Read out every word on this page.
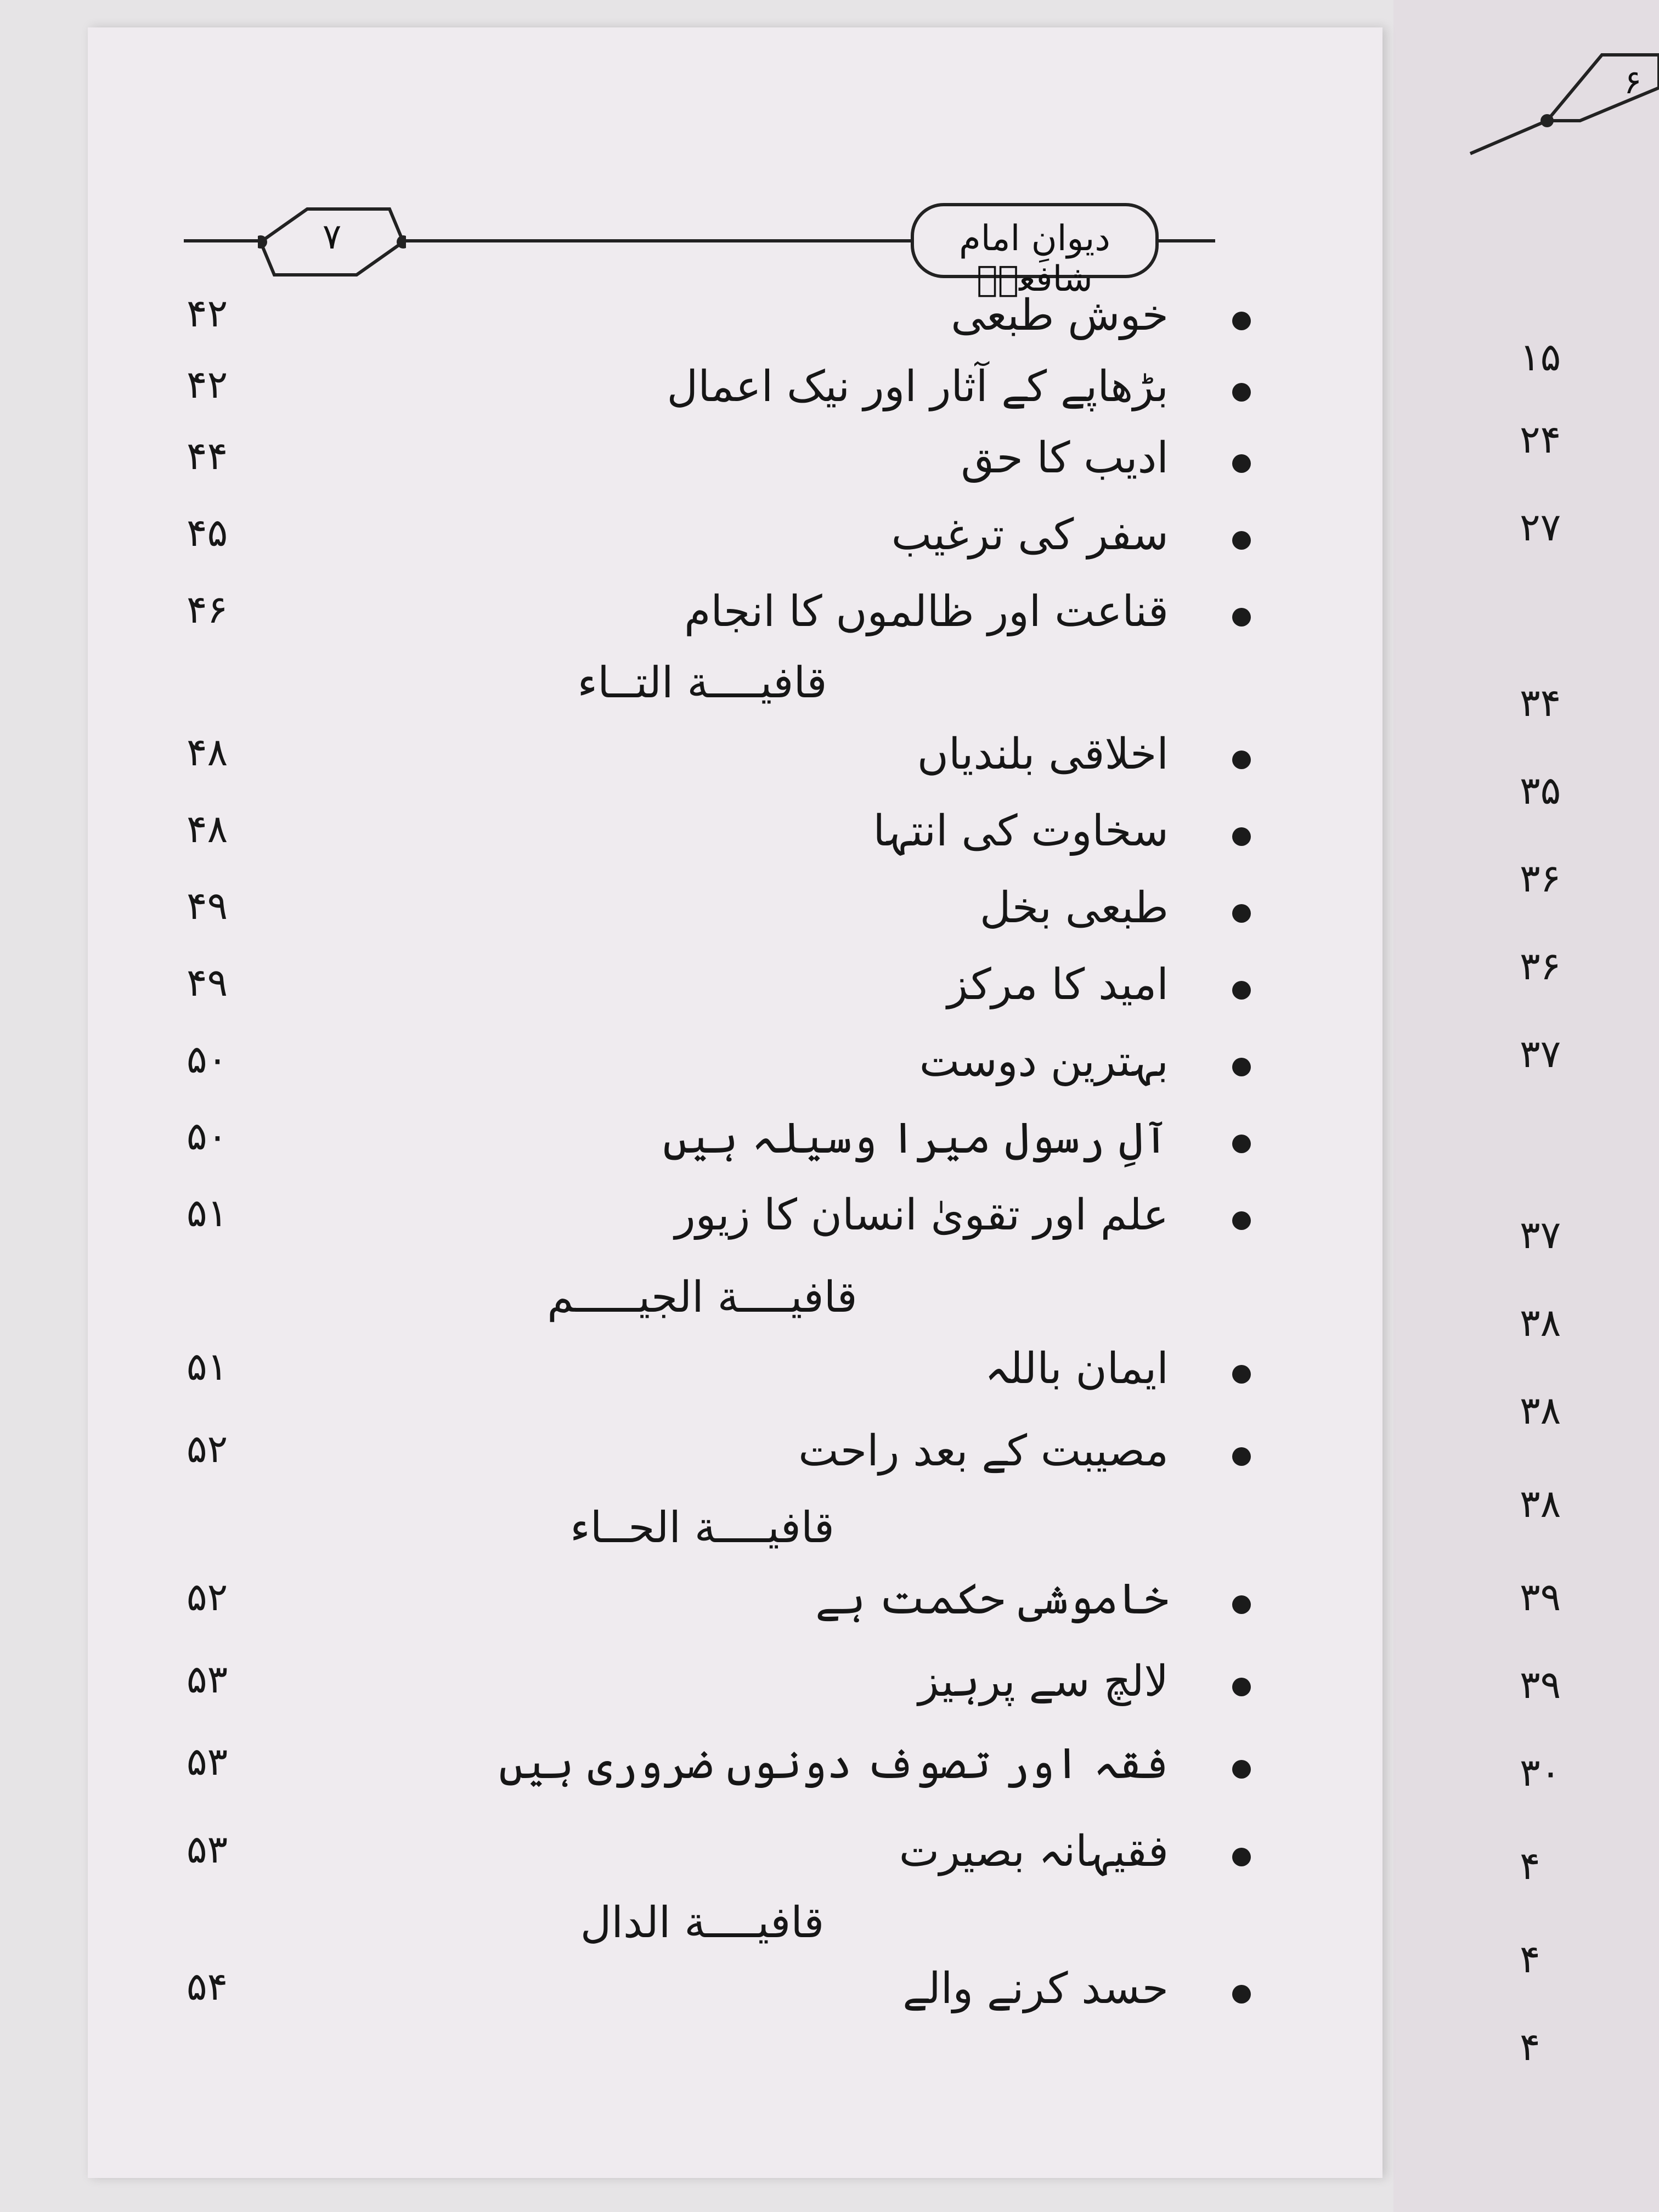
۶
۷	دیوانِ امام شافعیؒ
خوش طبعی
۴۲
بڑھاپے کے آثار اور نیک اعمال
۴۲
ادیب کا حق
۴۴
سفر کی ترغیب
۴۵
قناعت اور ظالموں کا انجام
۴۶
قافیــــة التــاء
اخلاقی بلندیاں
۴۸
سخاوت کی انتہا
۴۸
طبعی بخل
۴۹
امید کا مرکز
۴۹
بہترین دوست
۵۰
آلِ رسول میرا وسیلہ ہیں
۵۰
علم اور تقویٰ انسان کا زیور
۵۱
قافیــــة الجیـــــم
ایمان باللہ
۵۱
مصیبت کے بعد راحت
۵۲
قافیــــة الحــاء
خاموشی حکمت ہے
۵۲
لالچ سے پرہیز
۵۳
فقہ اور تصوف دونوں ضروری ہیں
۵۳
فقیہانہ بصیرت
۵۳
قافیــــة الدال
حسد کرنے والے
۵۴
۱۵
۲۴
۲۷
۳۴
۳۵
۳۶
۳۶
۳۷
۳۷
۳۸
۳۸
۳۸
۳۹
۳۹
۳۰
۴
۴
۴
